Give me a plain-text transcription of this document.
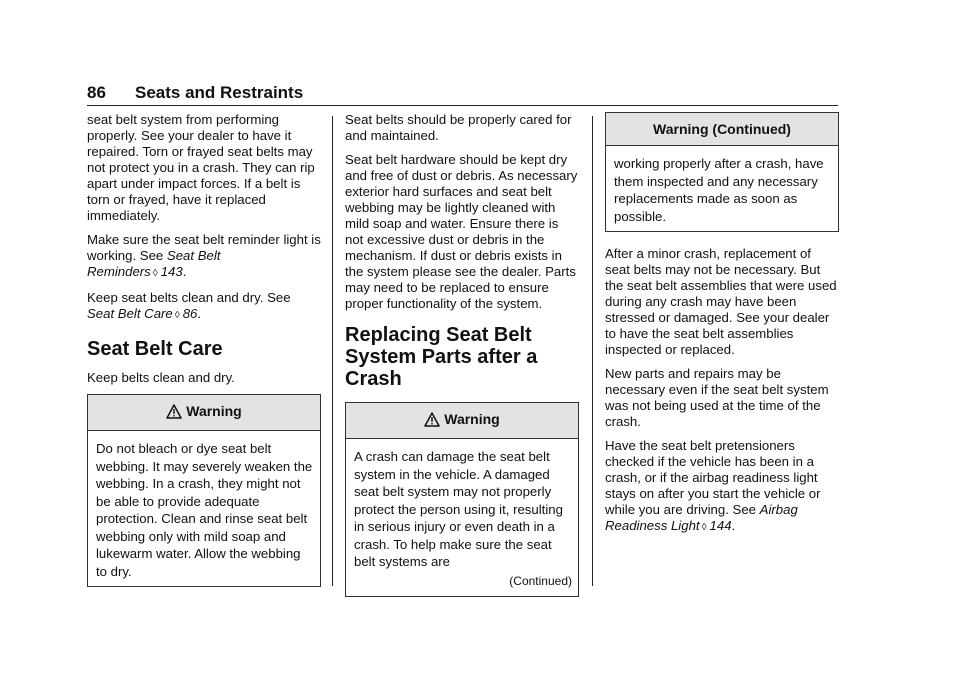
86 Seats and Restraints

seat belt system from performing properly. See your dealer to have it repaired. Torn or frayed seat belts may not protect you in a crash. They can rip apart under impact forces. If a belt is torn or frayed, have it replaced immediately.

Make sure the seat belt reminder light is working. See Seat Belt Reminders ◊ 143.

Keep seat belts clean and dry. See Seat Belt Care ◊ 86.

Seat Belt Care

Keep belts clean and dry.

Warning
Do not bleach or dye seat belt webbing. It may severely weaken the webbing. In a crash, they might not be able to provide adequate protection. Clean and rinse seat belt webbing only with mild soap and lukewarm water. Allow the webbing to dry.

Seat belts should be properly cared for and maintained.

Seat belt hardware should be kept dry and free of dust or debris. As necessary exterior hard surfaces and seat belt webbing may be lightly cleaned with mild soap and water. Ensure there is not excessive dust or debris in the mechanism. If dust or debris exists in the system please see the dealer. Parts may need to be replaced to ensure proper functionality of the system.

Replacing Seat Belt System Parts after a Crash
Warning
A crash can damage the seat belt system in the vehicle. A damaged seat belt system may not properly protect the person using it, resulting in serious injury or even death in a crash. To help make sure the seat belt systems are
(Continued)
Warning (Continued)
working properly after a crash, have them inspected and any necessary replacements made as soon as possible.

After a minor crash, replacement of seat belts may not be necessary. But the seat belt assemblies that were used during any crash may have been stressed or damaged. See your dealer to have the seat belt assemblies inspected or replaced.

New parts and repairs may be necessary even if the seat belt system was not being used at the time of the crash.

Have the seat belt pretensioners checked if the vehicle has been in a crash, or if the airbag readiness light stays on after you start the vehicle or while you are driving. See Airbag Readiness Light ◊ 144.
